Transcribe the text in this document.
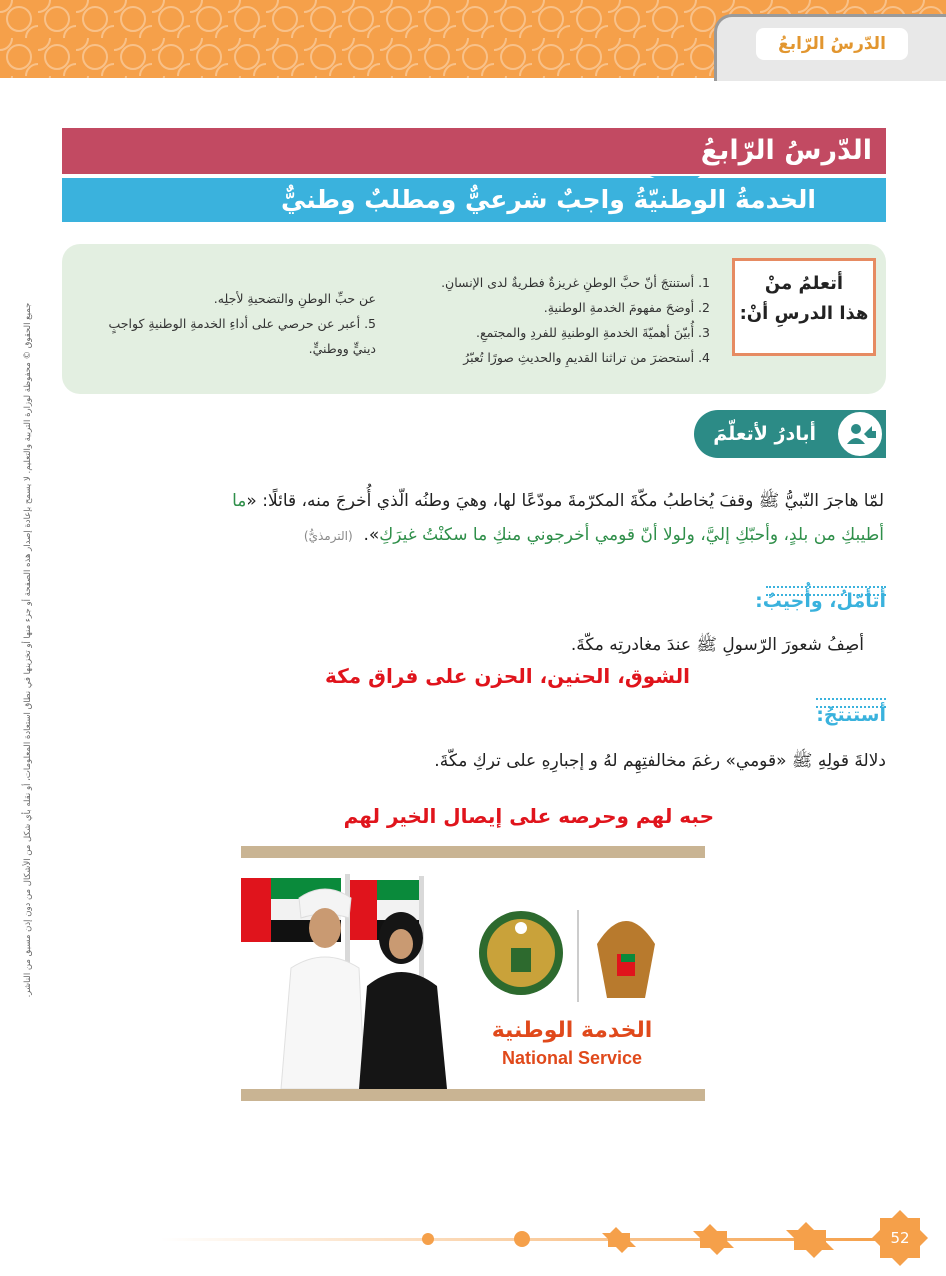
الدّرسُ الرّابعُ
جميع الحقوق © محفوظة لوزارة التربية والتعليم. لا يسمح بإعادة إصدار هذه الصفحة أو جزء منها أو تخزينها في نطاق استعادة المعلومات، أو نقله بأي شكل من الأشكال من دون إذن مسبق من الناشر.
الدّرسُ الرّابعُ
الخدمةُ الوطنيّةُ واجبٌ شرعيٌّ ومطلبٌ وطنيٌّ
أتعلمُ منْ
هذا الدرسِ أنْ:
1. أستنتجَ أنّ حبَّ الوطنِ غريزةٌ فطريةٌ لدى الإنسانِ.
2. أوضحَ مفهومَ الخدمةِ الوطنيةِ.
3. أُبيّنَ أهميّةَ الخدمةِ الوطنيةِ للفردِ والمجتمعِ.
4. أستحضرَ من تراثنا القديمِ والحديثِ صورًا تُعبّرُ
عن حبِّ الوطنِ والتضحيةِ لأجلِه.
5. أعبر عن حرصي على أداءِ الخدمةِ الوطنيةِ كواجبٍ
دينيٍّ ووطنيٍّ.
أبادرُ لأتعلّمَ
لمّا هاجرَ النّبيُّ ﷺ وقفَ يُخاطبُ مكّةَ المكرّمةَ مودّعًا لها، وهيَ وطنُه الّذي أُخرجَ منه، قائلًا: «ما
أطيبكِ من بلدٍ، وأحبّكِ إليَّ، ولولا أنّ قومي أخرجوني منكِ ما سكنْتُ غيرَكِ».  (الترمذيُّ)
أتأمّلُ، وأُجيبُ:
أصِفُ شعورَ الرّسولِ ﷺ عندَ مغادرتِه مكّةَ.
الشوق، الحنين، الحزن على فراق مكة
أستنتجُ:
دلالةَ قولِهِ ﷺ «قومي» رغمَ مخالفتِهِم لهُ و إجبارِهِ على تركِ مكّةَ.
حبه لهم وحرصه على إيصال الخير لهم
الخدمة الوطنية
National Service
52
